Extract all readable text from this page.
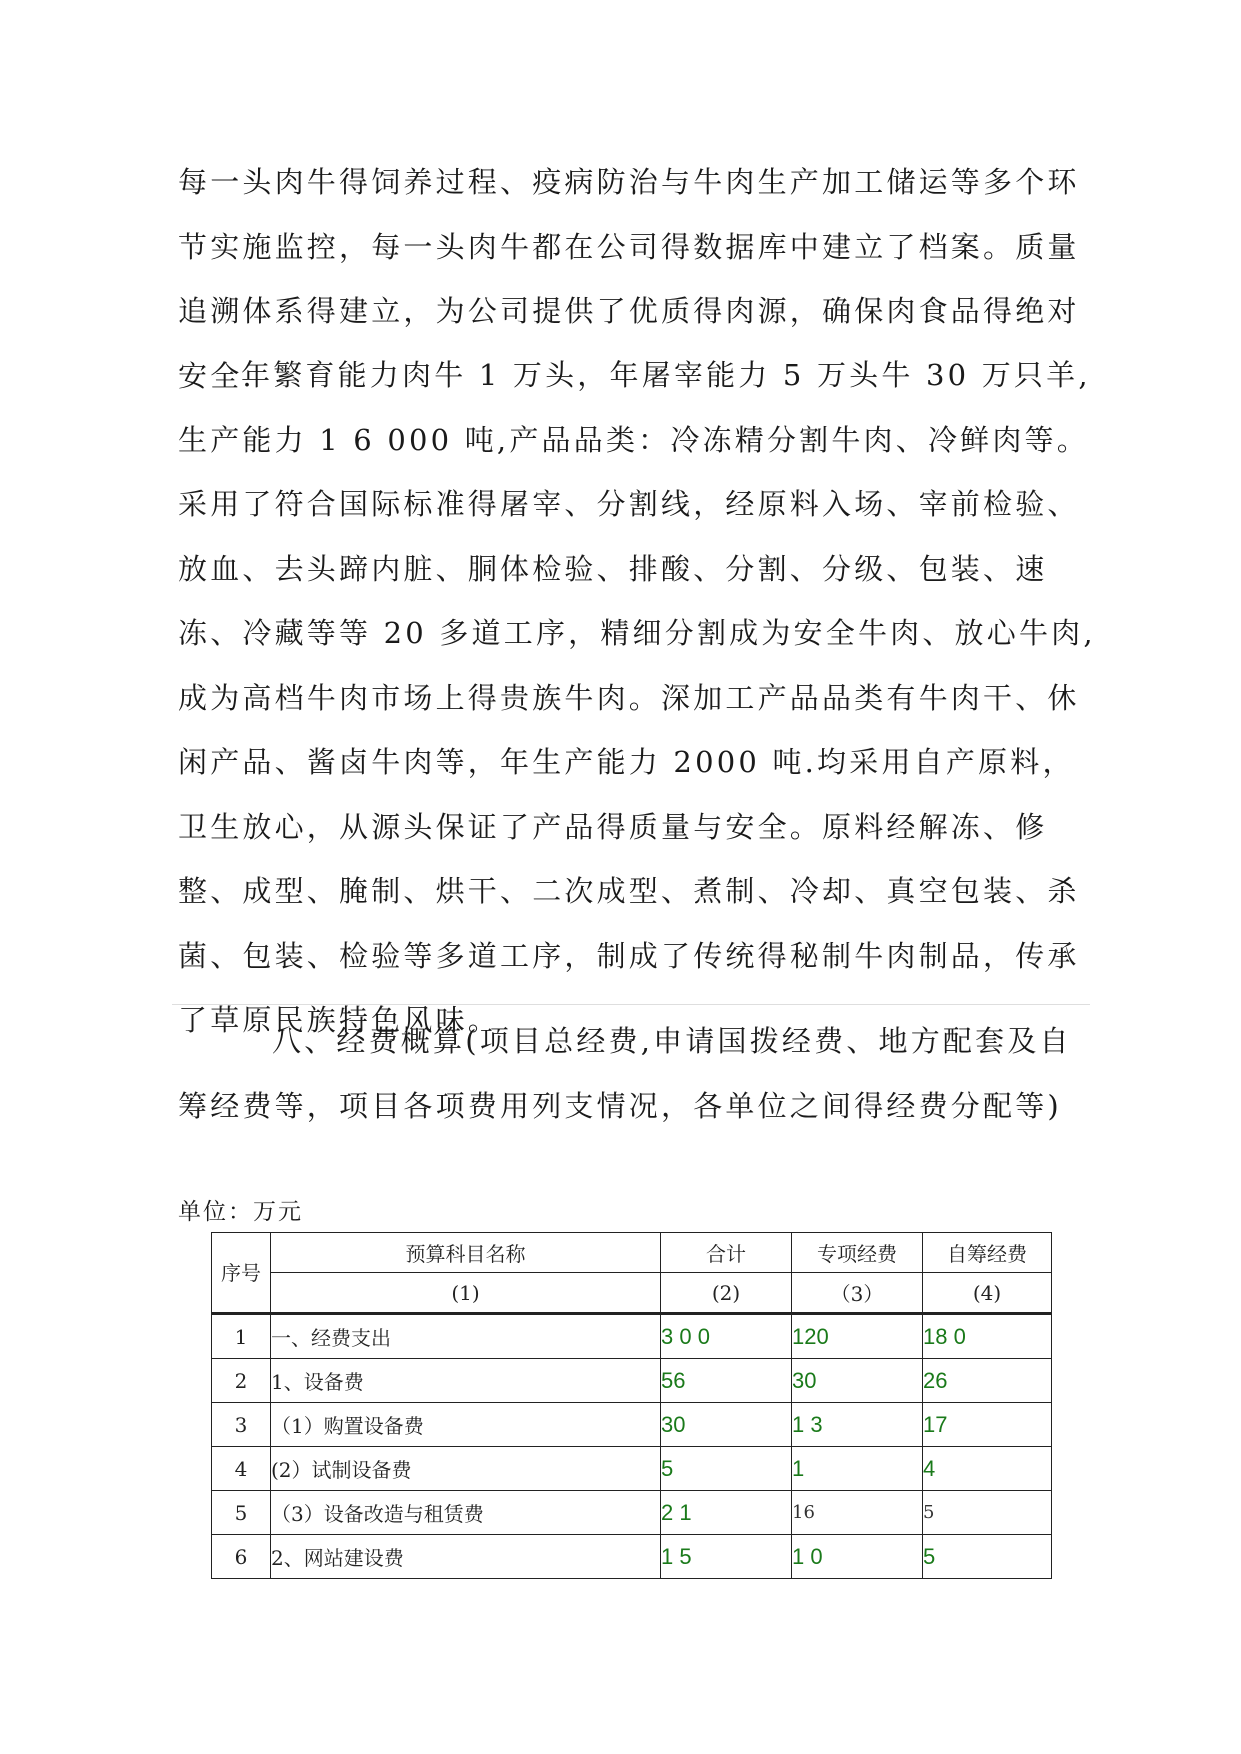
每一头肉牛得饲养过程、疫病防治与牛肉生产加工储运等多个环节实施监控，每一头肉牛都在公司得数据库中建立了档案。质量追溯体系得建立，为公司提供了优质得肉源，确保肉食品得绝对安全.

年繁育能力肉牛 1 万头，年屠宰能力 5 万头牛 30 万只羊,生产能力 1 6 000 吨,产品品类：冷冻精分割牛肉、冷鲜肉等。采用了符合国际标准得屠宰、分割线，经原料入场、宰前检验、放血、去头蹄内脏、胴体检验、排酸、分割、分级、包装、速冻、冷藏等等 20 多道工序，精细分割成为安全牛肉、放心牛肉,成为高档牛肉市场上得贵族牛肉。深加工产品品类有牛肉干、休闲产品、酱卤牛肉等，年生产能力 2000 吨.均采用自产原料，卫生放心，从源头保证了产品得质量与安全。原料经解冻、修整、成型、腌制、烘干、二次成型、煮制、冷却、真空包装、杀菌、包装、检验等多道工序，制成了传统得秘制牛肉制品，传承了草原民族特色风味。

八、经费概算(项目总经费,申请国拨经费、地方配套及自筹经费等，项目各项费用列支情况，各单位之间得经费分配等)

单位：万元
序号	预算科目名称	合计	专项经费	自筹经费
	(1)	(2)	（3）	(4)
1	一、经费支出	3 0 0	120	18 0
2	1、设备费	56	30	26
3	（1）购置设备费	30	1 3	17
4	(2）试制设备费	5	1	4
5	（3）设备改造与租赁费	2 1	16	5
6	2、网站建设费	1 5	1 0	5
